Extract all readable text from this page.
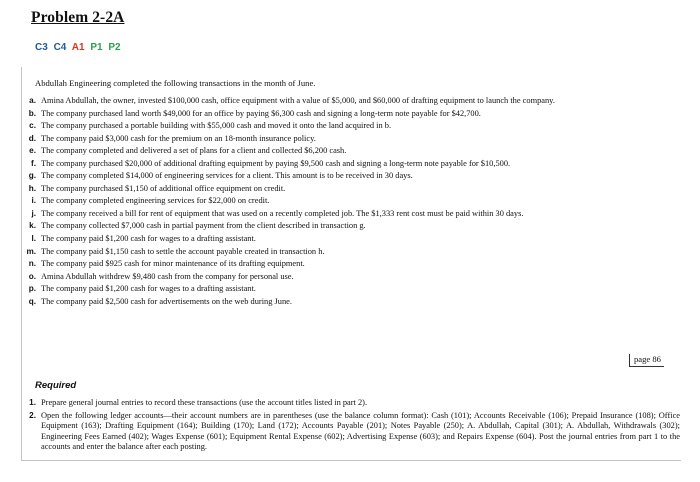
Problem 2-2A
C3 C4 A1 P1 P2
Abdullah Engineering completed the following transactions in the month of June.
a. Amina Abdullah, the owner, invested $100,000 cash, office equipment with a value of $5,000, and $60,000 of drafting equipment to launch the company.
b. The company purchased land worth $49,000 for an office by paying $6,300 cash and signing a long-term note payable for $42,700.
c. The company purchased a portable building with $55,000 cash and moved it onto the land acquired in b.
d. The company paid $3,000 cash for the premium on an 18-month insurance policy.
e. The company completed and delivered a set of plans for a client and collected $6,200 cash.
f. The company purchased $20,000 of additional drafting equipment by paying $9,500 cash and signing a long-term note payable for $10,500.
g. The company completed $14,000 of engineering services for a client. This amount is to be received in 30 days.
h. The company purchased $1,150 of additional office equipment on credit.
i. The company completed engineering services for $22,000 on credit.
j. The company received a bill for rent of equipment that was used on a recently completed job. The $1,333 rent cost must be paid within 30 days.
k. The company collected $7,000 cash in partial payment from the client described in transaction g.
l. The company paid $1,200 cash for wages to a drafting assistant.
m. The company paid $1,150 cash to settle the account payable created in transaction h.
n. The company paid $925 cash for minor maintenance of its drafting equipment.
o. Amina Abdullah withdrew $9,480 cash from the company for personal use.
p. The company paid $1,200 cash for wages to a drafting assistant.
q. The company paid $2,500 cash for advertisements on the web during June.
page 86
Required
1. Prepare general journal entries to record these transactions (use the account titles listed in part 2).
2. Open the following ledger accounts—their account numbers are in parentheses (use the balance column format): Cash (101); Accounts Receivable (106); Prepaid Insurance (108); Office Equipment (163); Drafting Equipment (164); Building (170); Land (172); Accounts Payable (201); Notes Payable (250); A. Abdullah, Capital (301); A. Abdullah, Withdrawals (302); Engineering Fees Earned (402); Wages Expense (601); Equipment Rental Expense (602); Advertising Expense (603); and Repairs Expense (604). Post the journal entries from part 1 to the accounts and enter the balance after each posting.
